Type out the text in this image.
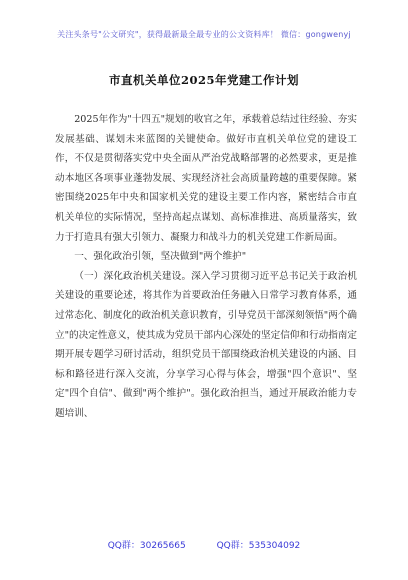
关注头条号"公文研究"，获得最新最全最专业的公文资料库！ 微信：gongwenyj
市直机关单位2025年党建工作计划

2025年作为"十四五"规划的收官之年，承载着总结过往经验、夯实发展基础、谋划未来蓝图的关键使命。做好市直机关单位党的建设工作，不仅是贯彻落实党中央全面从严治党战略部署的必然要求，更是推动本地区各项事业蓬勃发展、实现经济社会高质量跨越的重要保障。紧密围绕2025年中央和国家机关党的建设主要工作内容，紧密结合市直机关单位的实际情况，坚持高起点谋划、高标准推进、高质量落实，致力于打造具有强大引领力、凝聚力和战斗力的机关党建工作新局面。

一、强化政治引领，坚决做到"两个维护"

（一）深化政治机关建设。深入学习贯彻习近平总书记关于政治机关建设的重要论述，将其作为首要政治任务融入日常学习教育体系，通过常态化、制度化的政治机关意识教育，引导党员干部深刻领悟"两个确立"的决定性意义，使其成为党员干部内心深处的坚定信仰和行动指南定期开展专题学习研讨活动，组织党员干部围绕政治机关建设的内涵、目标和路径进行深入交流，分享学习心得与体会，增强"四个意识"、坚定"四个自信"、做到"两个维护"。强化政治担当，通过开展政治能力专题培训、

QQ群：30265665	QQ群：535304092
